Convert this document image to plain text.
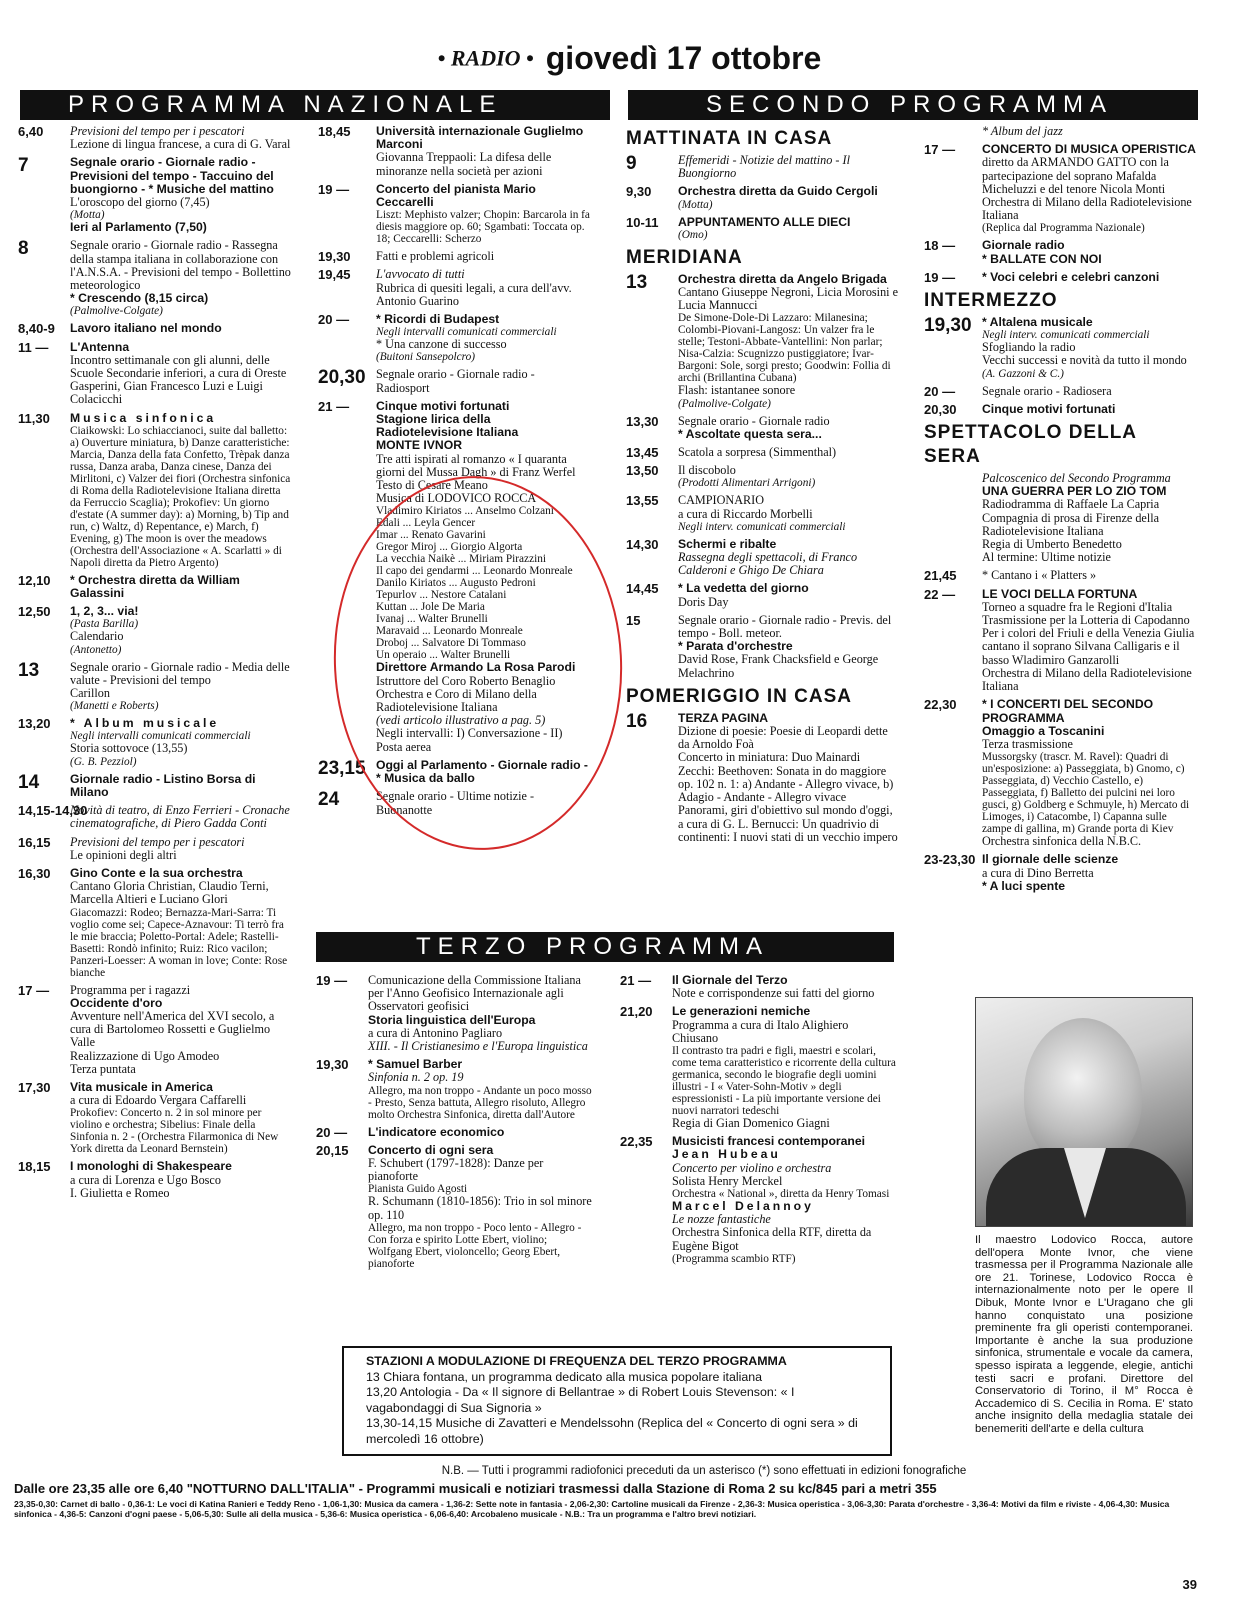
• RADIO • giovedì 17 ottobre
PROGRAMMA NAZIONALE	SECONDO PROGRAMMA
TERZO PROGRAMMA
6,40	Previsioni del tempo per i pescatori
Lezione di lingua francese, a cura di G. Varal
7	Segnale orario - Giornale radio - Previsioni del tempo - Taccuino del buongiorno - * Musiche del mattino
L'oroscopo del giorno (7,45)
(Motta)
Ieri al Parlamento (7,50)
8	Segnale orario - Giornale radio - Rassegna della stampa italiana in collaborazione con l'A.N.S.A. - Previsioni del tempo - Bollettino meteorologico
* Crescendo (8,15 circa)
(Palmolive-Colgate)
8,40-9	Lavoro italiano nel mondo
11 —	L'Antenna
Incontro settimanale con gli alunni, delle Scuole Secondarie inferiori, a cura di Oreste Gasperini, Gian Francesco Luzi e Luigi Colacicchi
11,30	Musica sinfonica
Ciaikowski: Lo schiaccianoci, suite dal balletto: a) Ouverture miniatura, b) Danze caratteristiche: Marcia, Danza della fata Confetto, Trèpak danza russa, Danza araba, Danza cinese, Danza dei Mirlitoni, c) Valzer dei fiori (Orchestra sinfonica di Roma della Radiotelevisione Italiana diretta da Ferruccio Scaglia); Prokofiev: Un giorno d'estate (A summer day): a) Morning, b) Tip and run, c) Waltz, d) Repentance, e) March, f) Evening, g) The moon is over the meadows (Orchestra dell'Associazione « A. Scarlatti » di Napoli diretta da Pietro Argento)
12,10	* Orchestra diretta da William Galassini
12,50	1, 2, 3... via!
(Pasta Barilla)
Calendario
(Antonetto)
13	Segnale orario - Giornale radio - Media delle valute - Previsioni del tempo
Carillon
(Manetti e Roberts)
13,20	* Album musicale
Negli intervalli comunicati commerciali
Storia sottovoce (13,55)
(G. B. Pezziol)
14	Giornale radio - Listino Borsa di Milano
14,15-14,30
Novità di teatro, di Enzo Ferrieri - Cronache cinematografiche, di Piero Gadda Conti
16,15	Previsioni del tempo per i pescatori
Le opinioni degli altri
16,30	Gino Conte e la sua orchestra
Cantano Gloria Christian, Claudio Terni, Marcella Altieri e Luciano Glori
Giacomazzi: Rodeo; Bernazza-Mari-Sarra: Ti voglio come sei; Capece-Aznavour: Ti terrò fra le mie braccia; Poletto-Portal: Adele; Rastelli-Basetti: Rondò infinito; Ruiz: Rico vacilon; Panzeri-Loesser: A woman in love; Conte: Rose bianche
17 —	Programma per i ragazzi
Occidente d'oro
Avventure nell'America del XVI secolo, a cura di Bartolomeo Rossetti e Guglielmo Valle
Realizzazione di Ugo Amodeo
Terza puntata
17,30	Vita musicale in America
a cura di Edoardo Vergara Caffarelli
Prokofiev: Concerto n. 2 in sol minore per violino e orchestra; Sibelius: Finale della Sinfonia n. 2 - (Orchestra Filarmonica di New York diretta da Leonard Bernstein)
18,15	I monologhi di Shakespeare
a cura di Lorenza e Ugo Bosco
I. Giulietta e Romeo
18,45	Università internazionale Guglielmo Marconi
Giovanna Treppaoli: La difesa delle minoranze nella società per azioni
19 —	Concerto del pianista Mario Ceccarelli
Liszt: Mephisto valzer; Chopin: Barcarola in fa diesis maggiore op. 60; Sgambati: Toccata op. 18; Ceccarelli: Scherzo
19,30	Fatti e problemi agricoli
19,45	L'avvocato di tutti
Rubrica di quesiti legali, a cura dell'avv. Antonio Guarino
20 —	* Ricordi di Budapest
Negli intervalli comunicati commerciali
* Una canzone di successo
(Buitoni Sansepolcro)
20,30 Segnale orario - Giornale radio - Radiosport
21 —	Cinque motivi fortunati
Stagione lirica della Radiotelevisione Italiana
MONTE IVNOR
Tre atti ispirati al romanzo « I quaranta giorni del Mussa Dagh » di Franz Werfel
Testo di Cesare Meano
Musica di LODOVICO ROCCA
Vladimiro Kiriatos ... Anselmo Colzani
Edali ... Leyla Gencer
Imar ... Renato Gavarini
Gregor Miroj ... Giorgio Algorta
La vecchia Naikè ... Miriam Pirazzini
Il capo dei gendarmi ... Leonardo Monreale
Danilo Kiriatos ... Augusto Pedroni
Tepurlov ... Nestore Catalani
Kuttan ... Jole De Maria
Ivanaj ... Walter Brunelli
Maravaid ... Leonardo Monreale
Droboj ... Salvatore Di Tommaso
Un operaio ... Walter Brunelli
Direttore Armando La Rosa Parodi
Istruttore del Coro Roberto Benaglio
Orchestra e Coro di Milano della Radiotelevisione Italiana
(vedi articolo illustrativo a pag. 5)
Negli intervalli: I) Conversazione - II) Posta aerea
23,15 Oggi al Parlamento - Giornale radio - * Musica da ballo
24	Segnale orario - Ultime notizie - Buonanotte
MATTINATA IN CASA
9	Effemeridi - Notizie del mattino - Il Buongiorno
9,30	Orchestra diretta da Guido Cergoli
(Motta)
10-11	APPUNTAMENTO ALLE DIECI
(Omo)
MERIDIANA
13	Orchestra diretta da Angelo Brigada
Cantano Giuseppe Negroni, Licia Morosini e Lucia Mannucci
De Simone-Dole-Di Lazzaro: Milanesina; Colombi-Piovani-Langosz: Un valzer fra le stelle; Testoni-Abbate-Vantellini: Non parlar; Nisa-Calzia: Scugnizzo pustiggiatore; Ivar-Bargoni: Sole, sorgi presto; Goodwin: Follia di archi (Brillantina Cubana)
Flash: istantanee sonore
(Palmolive-Colgate)
13,30	Segnale orario - Giornale radio
* Ascoltate questa sera...
13,45	Scatola a sorpresa (Simmenthal)
13,50	Il discobolo
(Prodotti Alimentari Arrigoni)
13,55	CAMPIONARIO
a cura di Riccardo Morbelli
Negli interv. comunicati commerciali
14,30	Schermi e ribalte
Rassegna degli spettacoli, di Franco Calderoni e Ghigo De Chiara
14,45	* La vedetta del giorno
Doris Day
15	Segnale orario - Giornale radio - Previs. del tempo - Boll. meteor.
* Parata d'orchestre
David Rose, Frank Chacksfield e George Melachrino
POMERIGGIO IN CASA
16	TERZA PAGINA
Dizione di poesie: Poesie di Leopardi dette da Arnoldo Foà
Concerto in miniatura: Duo Mainardi Zecchi: Beethoven: Sonata in do maggiore op. 102 n. 1: a) Andante - Allegro vivace, b) Adagio - Andante - Allegro vivace
Panorami, giri d'obiettivo sul mondo d'oggi, a cura di G. L. Bernucci: Un quadrivio di continenti: I nuovi stati di un vecchio impero
* Album del jazz
17 —	CONCERTO DI MUSICA OPERISTICA
diretto da ARMANDO GATTO con la partecipazione del soprano Mafalda Micheluzzi e del tenore Nicola Monti
Orchestra di Milano della Radiotelevisione Italiana
(Replica dal Programma Nazionale)
18 —	Giornale radio
* BALLATE CON NOI
19 —	* Voci celebri e celebri canzoni
INTERMEZZO
19,30 * Altalena musicale
Negli interv. comunicati commerciali
Sfogliando la radio
Vecchi successi e novità da tutto il mondo
(A. Gazzoni & C.)
20 —	Segnale orario - Radiosera
20,30	Cinque motivi fortunati
SPETTACOLO DELLA SERA
Palcoscenico del Secondo Programma
UNA GUERRA PER LO ZIO TOM
Radiodramma di Raffaele La Capria
Compagnia di prosa di Firenze della Radiotelevisione Italiana
Regia di Umberto Benedetto
Al termine: Ultime notizie
21,45	* Cantano i « Platters »
22 —	LE VOCI DELLA FORTUNA
Torneo a squadre fra le Regioni d'Italia
Trasmissione per la Lotteria di Capodanno
Per i colori del Friuli e della Venezia Giulia cantano il soprano Silvana Calligaris e il basso Wladimiro Ganzarolli
Orchestra di Milano della Radiotelevisione Italiana
22,30	* I CONCERTI DEL SECONDO PROGRAMMA
Omaggio a Toscanini
Terza trasmissione
Mussorgsky (trascr. M. Ravel): Quadri di un'esposizione: a) Passeggiata, b) Gnomo, c) Passeggiata, d) Vecchio Castello, e) Passeggiata, f) Balletto dei pulcini nei loro gusci, g) Goldberg e Schmuyle, h) Mercato di Limoges, i) Catacombe, l) Capanna sulle zampe di gallina, m) Grande porta di Kiev
Orchestra sinfonica della N.B.C.
23-23,30 Il giornale delle scienze
a cura di Dino Berretta
* A luci spente
19 —	Comunicazione della Commissione Italiana per l'Anno Geofisico Internazionale agli Osservatori geofisici
Storia linguistica dell'Europa
a cura di Antonino Pagliaro
XIII. - Il Cristianesimo e l'Europa linguistica
19,30	* Samuel Barber
Sinfonia n. 2 op. 19
Allegro, ma non troppo - Andante un poco mosso - Presto, Senza battuta, Allegro risoluto, Allegro molto Orchestra Sinfonica, diretta dall'Autore
20 —	L'indicatore economico
20,15	Concerto di ogni sera
F. Schubert (1797-1828): Danze per pianoforte
Pianista Guido Agosti
R. Schumann (1810-1856): Trio in sol minore op. 110
Allegro, ma non troppo - Poco lento - Allegro - Con forza e spirito Lotte Ebert, violino; Wolfgang Ebert, violoncello; Georg Ebert, pianoforte
21 —	Il Giornale del Terzo
Note e corrispondenze sui fatti del giorno
21,20	Le generazioni nemiche
Programma a cura di Italo Alighiero Chiusano
Il contrasto tra padri e figli, maestri e scolari, come tema caratteristico e ricorrente della cultura germanica, secondo le biografie degli uomini illustri - I « Vater-Sohn-Motiv » degli espressionisti - La più importante versione dei nuovi narratori tedeschi
Regia di Gian Domenico Giagni
22,35	Musicisti francesi contemporanei
Jean Hubeau
Concerto per violino e orchestra
Solista Henry Merckel
Orchestra « National », diretta da Henry Tomasi
Marcel Delannoy
Le nozze fantastiche
Orchestra Sinfonica della RTF, diretta da Eugène Bigot
(Programma scambio RTF)
Il maestro Lodovico Rocca, autore dell'opera Monte Ivnor, che viene trasmessa per il Programma Nazionale alle ore 21. Torinese, Lodovico Rocca è internazionalmente noto per le opere Il Dibuk, Monte Ivnor e L'Uragano che gli hanno conquistato una posizione preminente fra gli operisti contemporanei. Importante è anche la sua produzione sinfonica, strumentale e vocale da camera, spesso ispirata a leggende, elegie, antichi testi sacri e profani. Direttore del Conservatorio di Torino, il M° Rocca è Accademico di S. Cecilia in Roma. E' stato anche insignito della medaglia statale dei benemeriti dell'arte e della cultura
STAZIONI A MODULAZIONE DI FREQUENZA DEL TERZO PROGRAMMA
13 Chiara fontana, un programma dedicato alla musica popolare italiana
13,20 Antologia - Da « Il signore di Bellantrae » di Robert Louis Stevenson: « I vagabondaggi di Sua Signoria »
13,30-14,15 Musiche di Zavatteri e Mendelssohn (Replica del « Concerto di ogni sera » di mercoledì 16 ottobre)
N.B. — Tutti i programmi radiofonici preceduti da un asterisco (*) sono effettuati in edizioni fonografiche
Dalle ore 23,35 alle ore 6,40 "NOTTURNO DALL'ITALIA" - Programmi musicali e notiziari trasmessi dalla Stazione di Roma 2 su kc/845 pari a metri 355
23,35-0,30: Carnet di ballo - 0,36-1: Le voci di Katina Ranieri e Teddy Reno - 1,06-1,30: Musica da camera - 1,36-2: Sette note in fantasia - 2,06-2,30: Cartoline musicali da Firenze - 2,36-3: Musica operistica - 3,06-3,30: Parata d'orchestre - 3,36-4: Motivi da film e riviste - 4,06-4,30: Musica sinfonica - 4,36-5: Canzoni d'ogni paese - 5,06-5,30: Sulle ali della musica - 5,36-6: Musica operistica - 6,06-6,40: Arcobaleno musicale - N.B.: Tra un programma e l'altro brevi notiziari.
39
